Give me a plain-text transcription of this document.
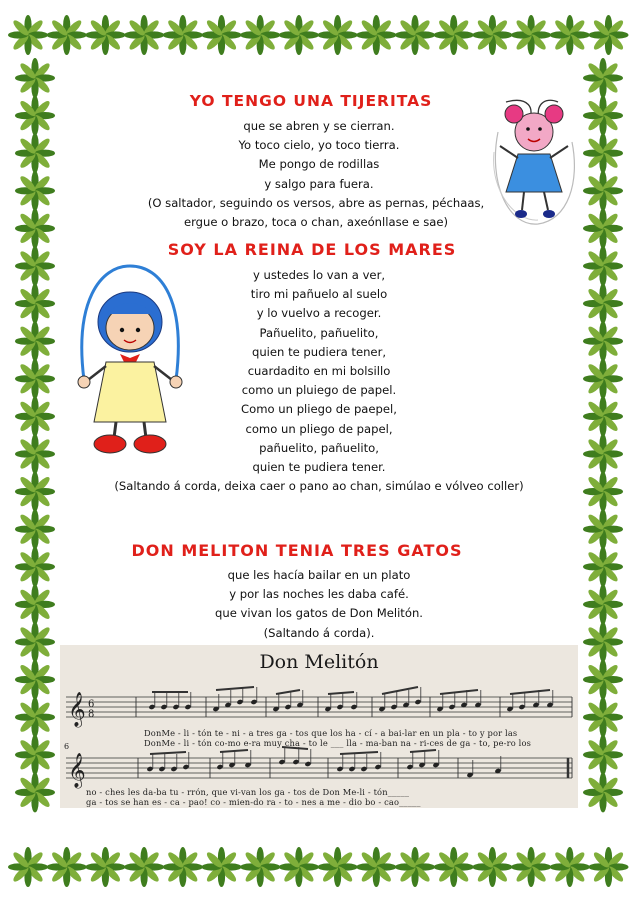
YO TENGO UNA TIJERITAS

que se abren y se cierran.

Yo toco cielo, yo toco tierra.

Me pongo de rodillas

y salgo para fuera.

(O saltador, seguindo os versos, abre as pernas, péchaas,

ergue o brazo, toca o chan, axeónllase e sae)

SOY LA REINA DE LOS MARES

y ustedes lo van a ver,

tiro mi pañuelo al suelo

y lo vuelvo a recoger.

Pañuelito, pañuelito,

quien te pudiera tener,

cuardadito en mi bolsillo

como un pluiego de papel.

Como un pliego de paepel,

como un pliego de papel,

pañuelito, pañuelito,

quien te pudiera tener.

(Saltando á corda, deixa caer o pano ao chan, simúlao e vólveo coller)

DON MELITON TENIA TRES GATOS

que les hacía bailar en un plato

y por las noches les daba café.

que vivan los gatos de Don Melitón.

(Saltando á corda).

Don Melitón
𝄞
𝄞
6
8
6
DonMe - li - tón te - ni - a tres ga - tos que los ha - cí - a bai-lar en un pla - to y por las
DonMe - li - tón co-mo e-ra muy cha - to le ___ lla - ma-ban na - ri-ces de ga - to, pe-ro los
no - ches les da-ba tu - rrón, que vi-van los ga - tos de Don Me-li - tón_____
ga - tos se han es - ca - pao! co - mien-do ra - to - nes a me - dio bo - cao_____
